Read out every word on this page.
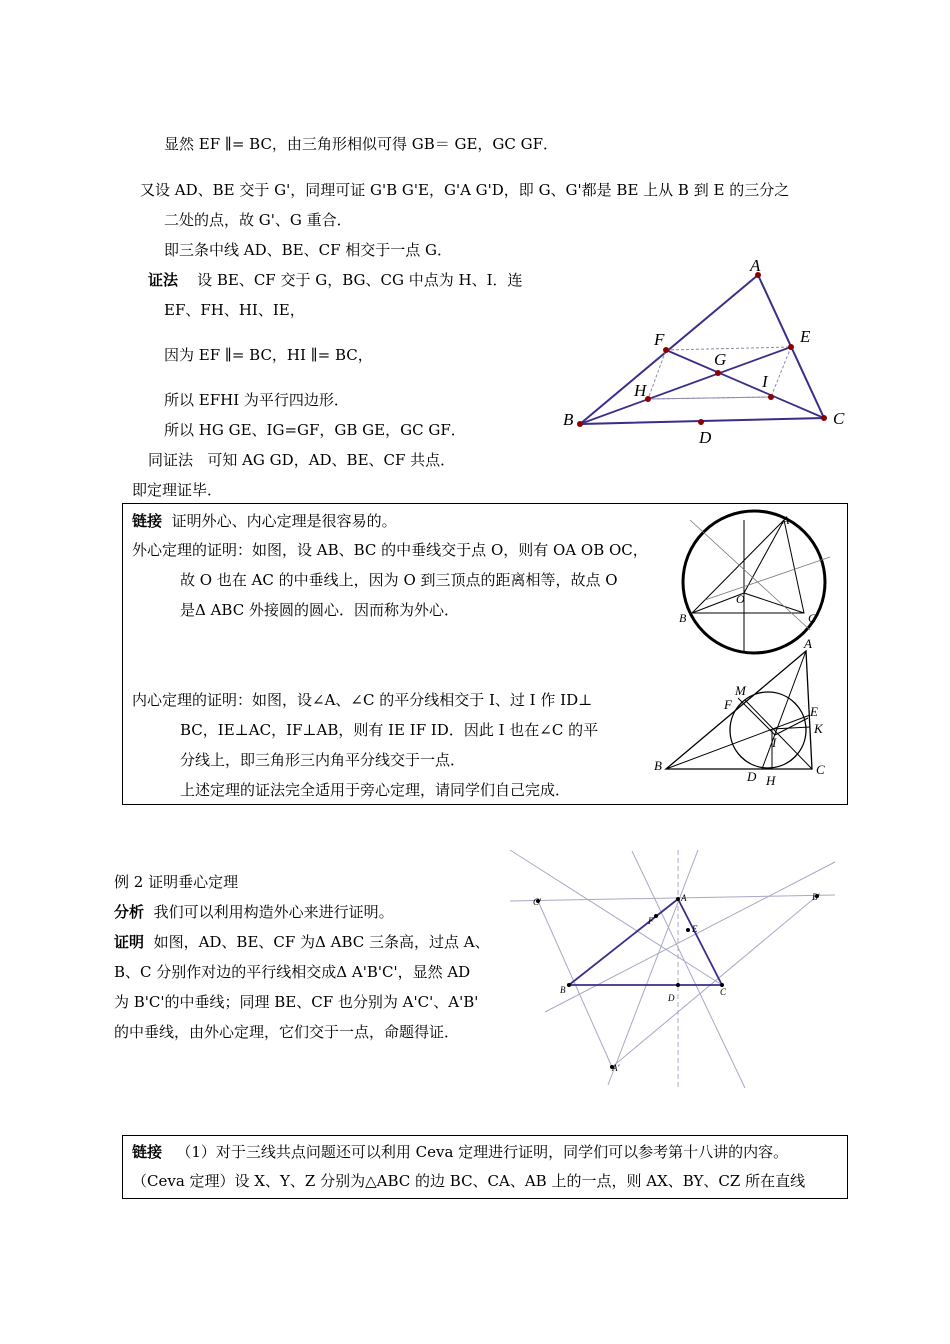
显然 EF ∥= BC，由三角形相似可得 GB＝ GE，GC GF．
又设 AD、BE 交于 G'，同理可证 G'B G'E，G'A G'D，即 G、G'都是 BE 上从 B 到 E 的三分之
二处的点，故 G'、G 重合．
即三条中线 AD、BE、CF 相交于一点 G．
证法 设 BE、CF 交于 G，BG、CG 中点为 H、I．连
EF、FH、HI、IE，
因为 EF ∥= BC，HI ∥= BC，
所以 EFHI 为平行四边形．
所以 HG GE、IG=GF，GB GE，GC GF．
同证法 可知 AG GD，AD、BE、CF 共点．
即定理证毕．
A
E
F
G
H	I
B	C
D
链接 证明外心、内心定理是很容易的。
外心定理的证明：如图，设 AB、BC 的中垂线交于点 O，则有 OA OB OC，
故 O 也在 AC 的中垂线上，因为 O 到三顶点的距离相等，故点 O
是Δ ABC 外接圆的圆心．因而称为外心．
内心定理的证明：如图，设∠A、∠C 的平分线相交于 I、过 I 作 ID⊥
BC，IE⊥AC，IF⊥AB，则有 IE IF ID．因此 I 也在∠C 的平
分线上，即三角形三内角平分线交于一点．
上述定理的证法完全适用于旁心定理，请同学们自己完成．
A
O
B	C
A
M
F	E
K
I
B
D H
C
例 2 证明垂心定理
分析 我们可以利用构造外心来进行证明。
证明 如图，AD、BE、CF 为Δ ABC 三条高，过点 A、
B、C 分别作对边的平行线相交成Δ A'B'C'，显然 AD
为 B'C'的中垂线；同理 BE、CF 也分别为 A'C'、A'B'
的中垂线，由外心定理，它们交于一点，命题得证．
C'	A	B'
F
E
B
D
C
A'
链接 （1）对于三线共点问题还可以利用 Ceva 定理进行证明，同学们可以参考第十八讲的内容。
（Ceva 定理）设 X、Y、Z 分别为△ABC 的边 BC、CA、AB 上的一点，则 AX、BY、CZ 所在直线
